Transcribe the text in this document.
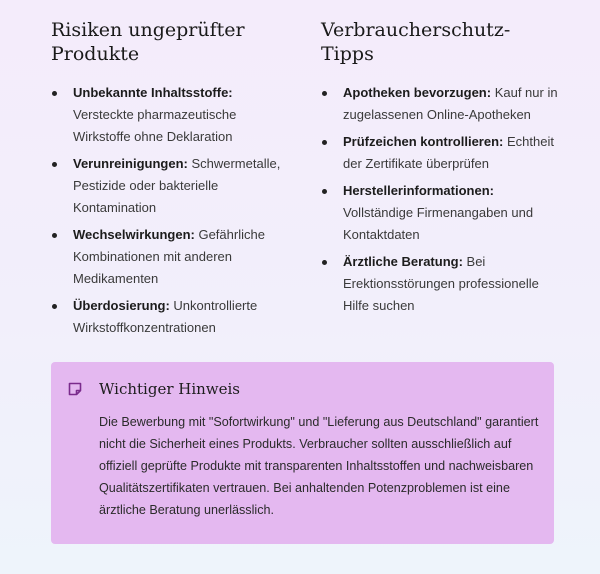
Risiken ungeprüfter Produkte
Unbekannte Inhaltsstoffe: Versteckte pharmazeutische Wirkstoffe ohne Deklaration
Verunreinigungen: Schwermetalle, Pestizide oder bakterielle Kontamination
Wechselwirkungen: Gefährliche Kombinationen mit anderen Medikamenten
Überdosierung: Unkontrollierte Wirkstoffkonzentrationen
Verbraucherschutz-Tipps
Apotheken bevorzugen: Kauf nur in zugelassenen Online-Apotheken
Prüfzeichen kontrollieren: Echtheit der Zertifikate überprüfen
Herstellerinformationen: Vollständige Firmenangaben und Kontaktdaten
Ärztliche Beratung: Bei Erektionsstörungen professionelle Hilfe suchen
Wichtiger Hinweis

Die Bewerbung mit "Sofortwirkung" und "Lieferung aus Deutschland" garantiert nicht die Sicherheit eines Produkts. Verbraucher sollten ausschließlich auf offiziell geprüfte Produkte mit transparenten Inhaltsstoffen und nachweisbaren Qualitätszertifikaten vertrauen. Bei anhaltenden Potenzproblemen ist eine ärztliche Beratung unerlässlich.
